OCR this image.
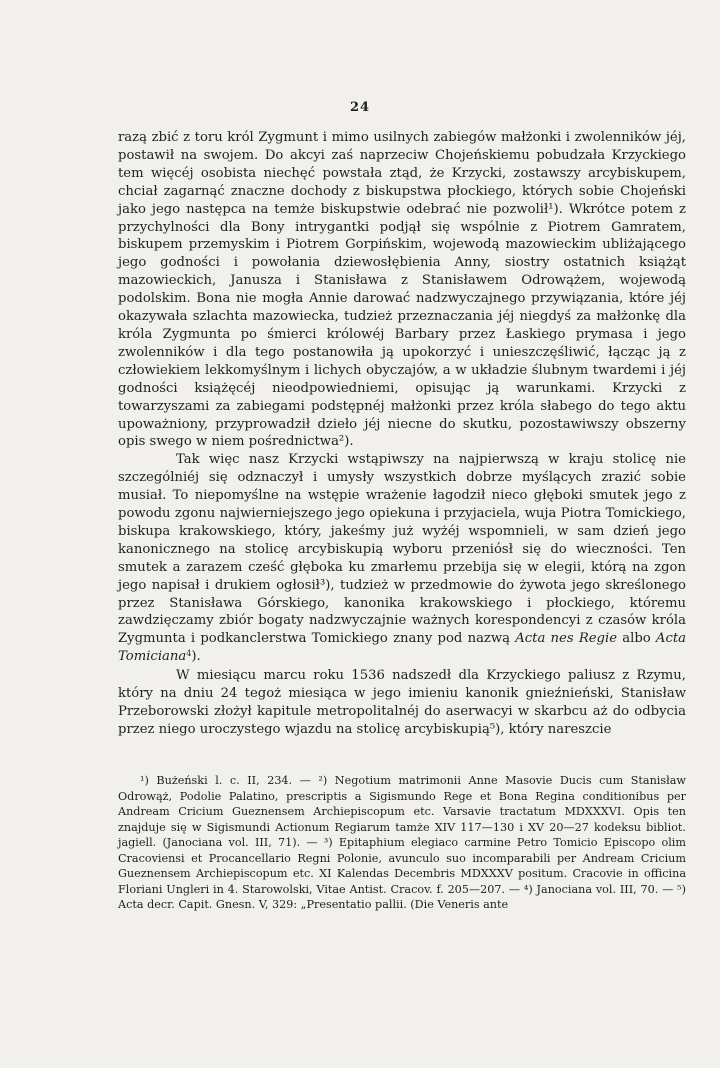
24

razą zbić z toru król Zygmunt i mimo usilnych zabiegów małżonki i zwolenników jéj, postawił na swojem. Do akcyi zaś naprzeciw Chojeńskiemu pobudzała Krzyckiego tem więcéj osobista niechęć powstała ztąd, że Krzycki, zostawszy arcybiskupem, chciał zagarnąć znaczne dochody z biskupstwa płockiego, których sobie Chojeński jako jego następca na temże biskupstwie odebrać nie pozwolił¹). Wkrótce potem z przychylności dla Bony intrygantki podjął się wspólnie z Piotrem Gamratem, biskupem przemyskim i Piotrem Gorpińskim, wojewodą mazowieckim ubliżającego jego godności i powołania dziewosłębienia Anny, siostry ostatnich książąt mazowieckich, Janusza i Stanisława z Stanisławem Odrowążem, wojewodą podolskim. Bona nie mogła Annie darować nadzwyczajnego przywiązania, które jéj okazywała szlachta mazowiecka, tudzież przeznaczania jéj niegdyś za małżonkę dla króla Zygmunta po śmierci królowéj Barbary przez Łaskiego prymasa i jego zwolenników i dla tego postanowiła ją upokorzyć i unieszczęśliwić, łącząc ją z człowiekiem lekkomyślnym i lichych obyczajów, a w układzie ślubnym twardemi i jéj godności książęcéj nieodpowiedniemi, opisując ją warunkami. Krzycki z towarzyszami za zabiegami podstępnéj małżonki przez króla słabego do tego aktu upoważniony, przyprowadził dzieło jéj niecne do skutku, pozostawiwszy obszerny opis swego w niem pośrednictwa²).

Tak więc nasz Krzycki wstąpiwszy na najpierwszą w kraju stolicę nie szczególniéj się odznaczył i umysły wszystkich dobrze myślących zrazić sobie musiał. To niepomyślne na wstępie wrażenie łagodził nieco głęboki smutek jego z powodu zgonu najwierniejszego jego opiekuna i przyjaciela, wuja Piotra Tomickiego, biskupa krakowskiego, który, jakeśmy już wyżéj wspomnieli, w sam dzień jego kanonicznego na stolicę arcybiskupią wyboru przeniósł się do wieczności. Ten smutek a zarazem cześć głęboka ku zmarłemu przebija się w elegii, którą na zgon jego napisał i drukiem ogłosił³), tudzież w przedmowie do żywota jego skreślonego przez Stanisława Górskiego, kanonika krakowskiego i płockiego, któremu zawdzięczamy zbiór bogaty nadzwyczajnie ważnych korespondencyi z czasów króla Zygmunta i podkanclerstwa Tomickiego znany pod nazwą Acta nes Regie albo Acta Tomiciana$^4$).

W miesiącu marcu roku 1536 nadszedł dla Krzyckiego paliusz z Rzymu, który na dniu 24 tegoż miesiąca w jego imieniu kanonik gnieźnieński, Stanisław Przeborowski złożył kapitule metropolitalnéj do aserwacyi w skarbcu aż do odbycia przez niego uroczystego wjazdu na stolicę arcybiskupią⁵), który nareszcie

¹) Bużeński l. c. II, 234. — ²) Negotium matrimonii Anne Masovie Ducis cum Stanisław Odrowąż, Podolie Palatino, prescriptis a Sigismundo Rege et Bona Regina conditionibus per Andream Cricium Gueznensem Archiepiscopum etc. Varsavie tractatum MDXXXVI. Opis ten znajduje się w Sigismundi Actionum Regiarum tamże XIV 117—130 i XV 20—27 kodeksu bibliot. jagiell. (Janociana vol. III, 71). — ³) Epitaphium elegiaco carmine Petro Tomicio Episcopo olim Cracoviensi et Procancellario Regni Polonie, avunculo suo incomparabili per Andream Cricium Gueznensem Archiepiscopum etc. XI Kalendas Decembris MDXXXV positum. Cracovie in officina Floriani Ungleri in 4. Starowolski, Vitae Antist. Cracov. f. 205—207. — ⁴) Janociana vol. III, 70. — ⁵) Acta decr. Capit. Gnesn. V, 329: „Presentatio pallii. (Die Veneris ante
